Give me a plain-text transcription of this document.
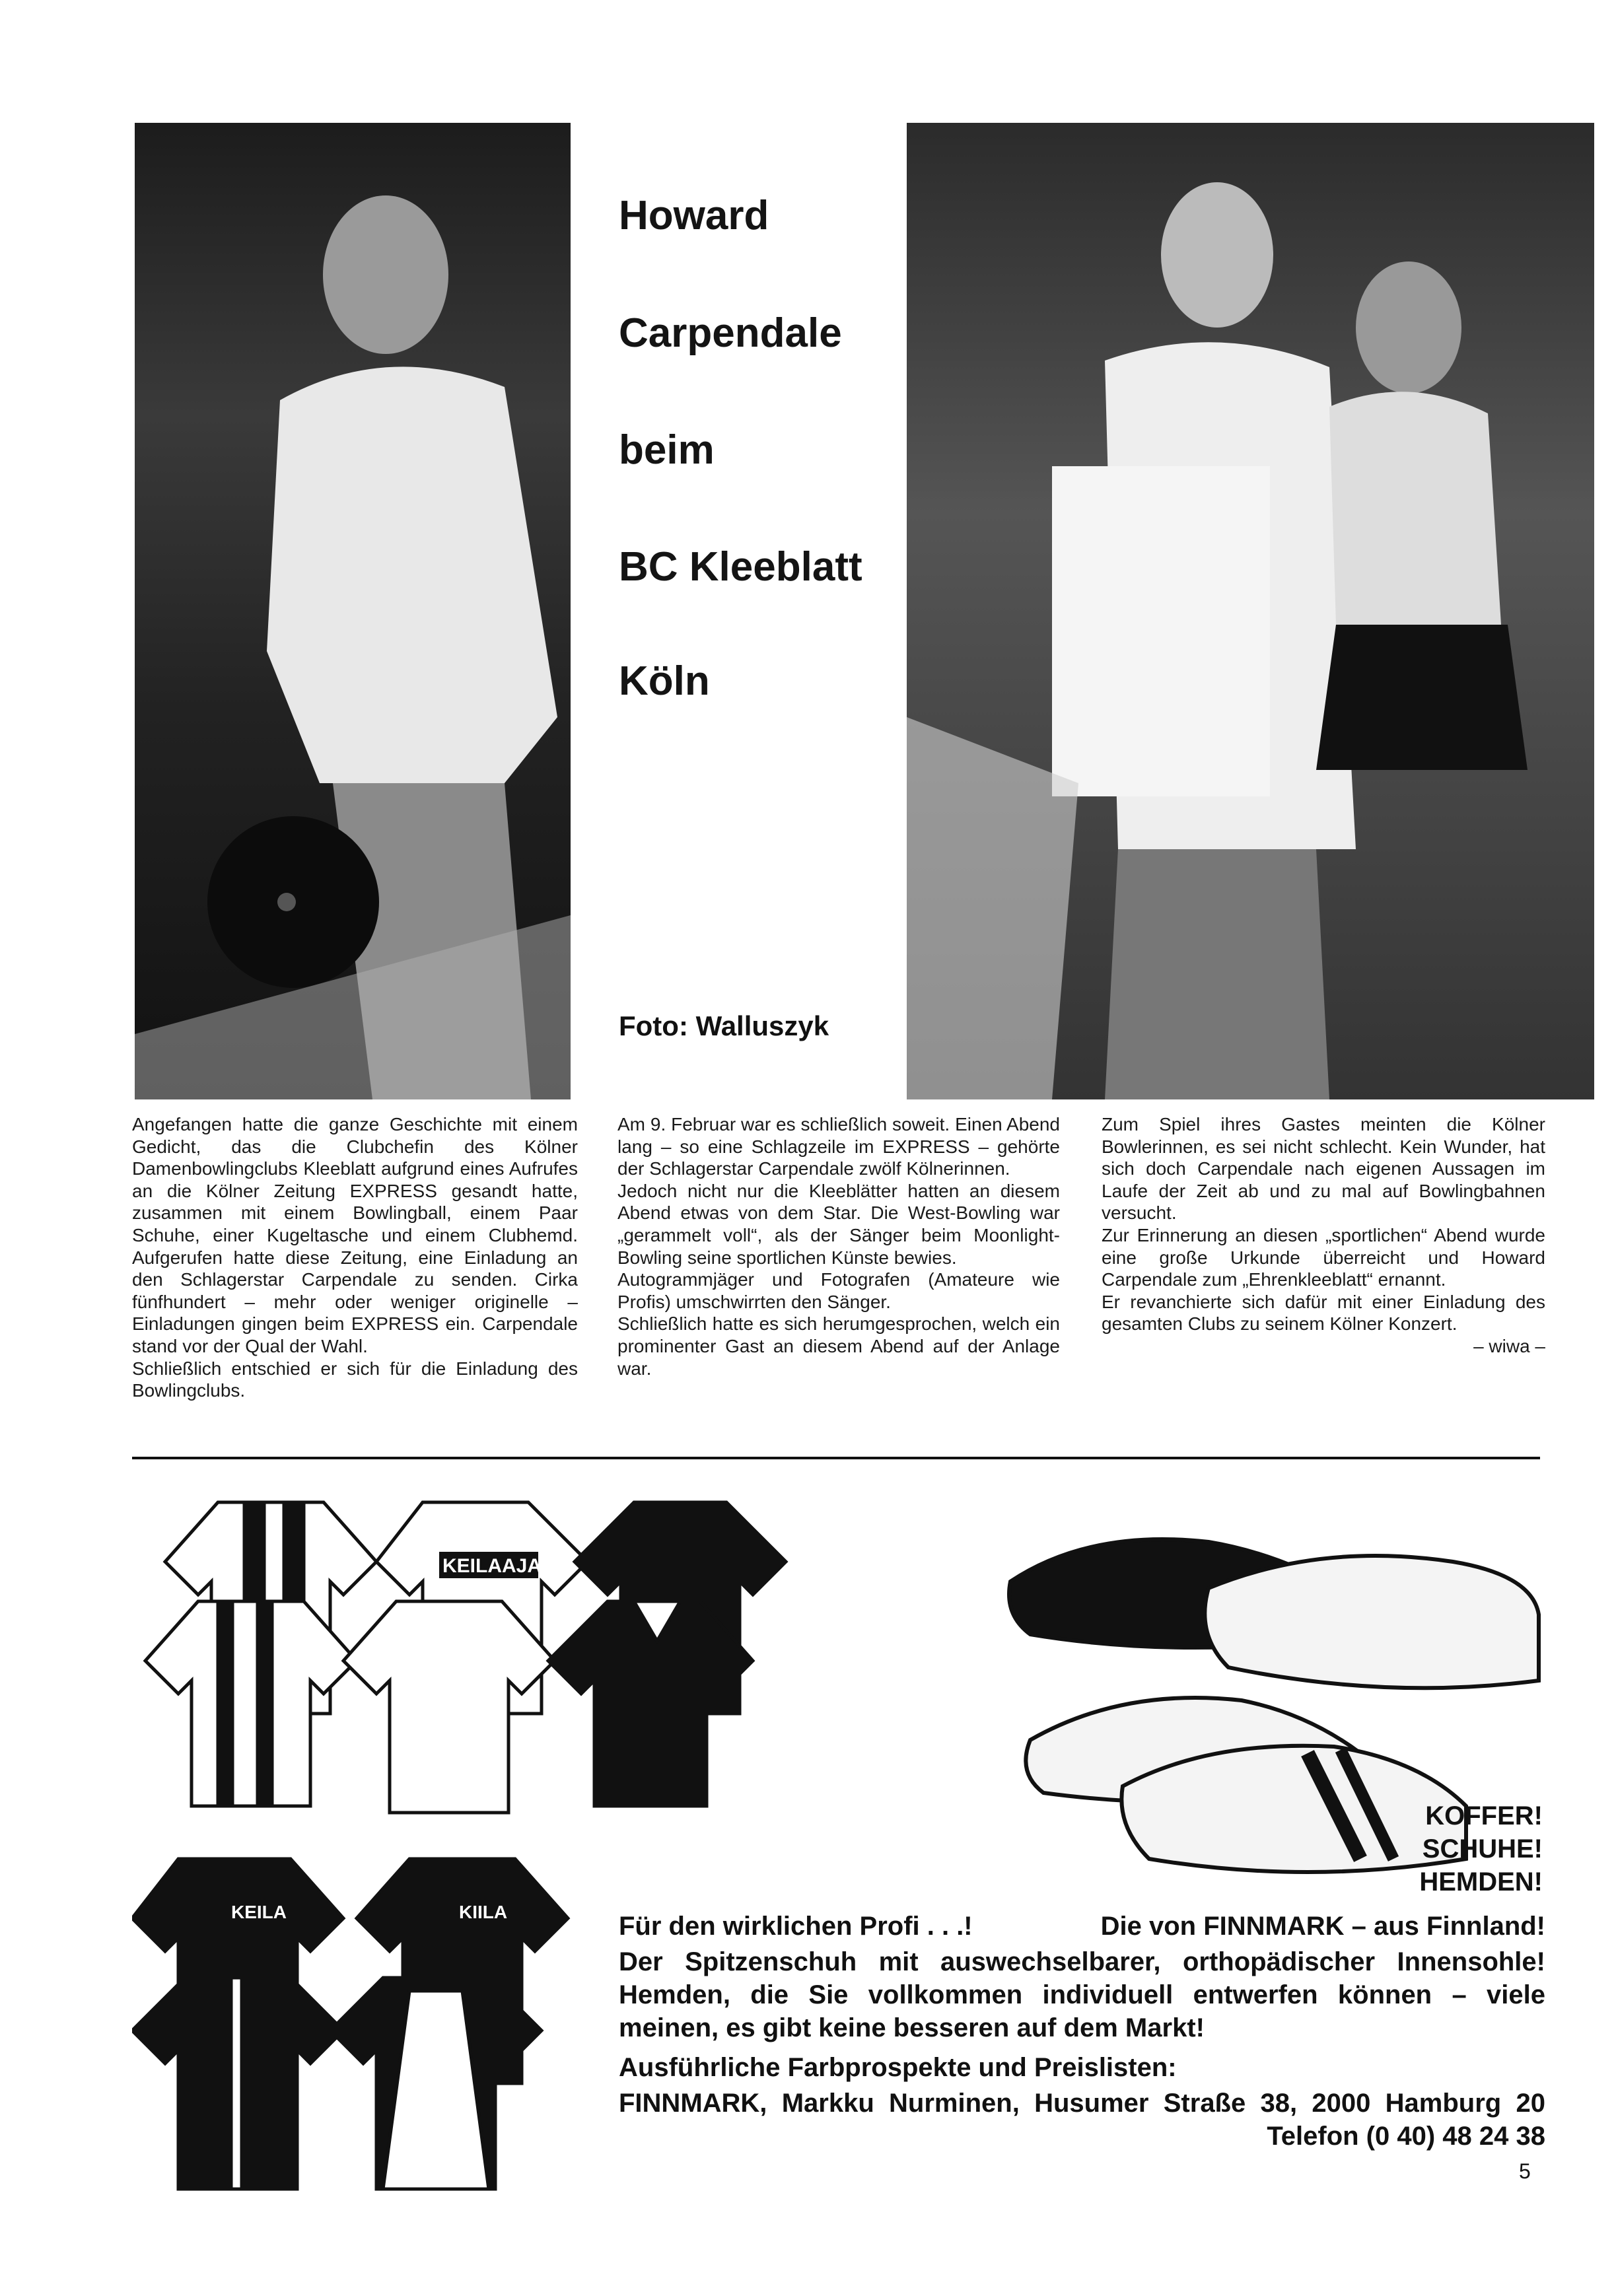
Howard
Carpendale
beim
BC Kleeblatt
Köln
Foto: Walluszyk

Angefangen hatte die ganze Geschichte mit einem Gedicht, das die Clubchefin des Kölner Damenbowlingclubs Kleeblatt aufgrund eines Aufrufes an die Kölner Zeitung EXPRESS gesandt hatte, zusammen mit einem Bowlingball, einem Paar Schuhe, einer Kugeltasche und einem Clubhemd. Aufgerufen hatte diese Zeitung, eine Einladung an den Schlagerstar Carpendale zu senden. Cirka fünfhundert – mehr oder weniger originelle – Einladungen gingen beim EXPRESS ein. Carpendale stand vor der Qual der Wahl.

Schließlich entschied er sich für die Einladung des Bowlingclubs.

Am 9. Februar war es schließlich soweit. Einen Abend lang – so eine Schlagzeile im EXPRESS – gehörte der Schlagerstar Carpendale zwölf Kölnerinnen.

Jedoch nicht nur die Kleeblätter hatten an diesem Abend etwas von dem Star. Die West-Bowling war „gerammelt voll“, als der Sänger beim Moonlight-Bowling seine sportlichen Künste bewies.

Autogrammjäger und Fotografen (Amateure wie Profis) umschwirrten den Sänger.

Schließlich hatte es sich herumgesprochen, welch ein prominenter Gast an diesem Abend auf der Anlage war.

Zum Spiel ihres Gastes meinten die Kölner Bowlerinnen, es sei nicht schlecht. Kein Wunder, hat sich doch Carpendale nach eigenen Aussagen im Laufe der Zeit ab und zu mal auf Bowlingbahnen versucht.

Zur Erinnerung an diesen „sportlichen“ Abend wurde eine große Urkunde überreicht und Howard Carpendale zum „Ehrenkleeblatt“ ernannt.

Er revanchierte sich dafür mit einer Einladung des gesamten Clubs zu seinem Kölner Konzert.

– wiwa –

KEILAAJAT
KEILA	KIILA
KOFFER!
SCHUHE!
HEMDEN!

Für den wirklichen Profi . . .!	Die von FINNMARK – aus Finnland!

Der Spitzenschuh mit auswechselbarer, orthopädischer Innensohle!

Hemden, die Sie vollkommen individuell entwerfen können – viele

meinen, es gibt keine besseren auf dem Markt!

Ausführliche Farbprospekte und Preislisten:

FINNMARK, Markku Nurminen, Husumer Straße 38, 2000 Hamburg 20

Telefon (0 40) 48 24 38

5
